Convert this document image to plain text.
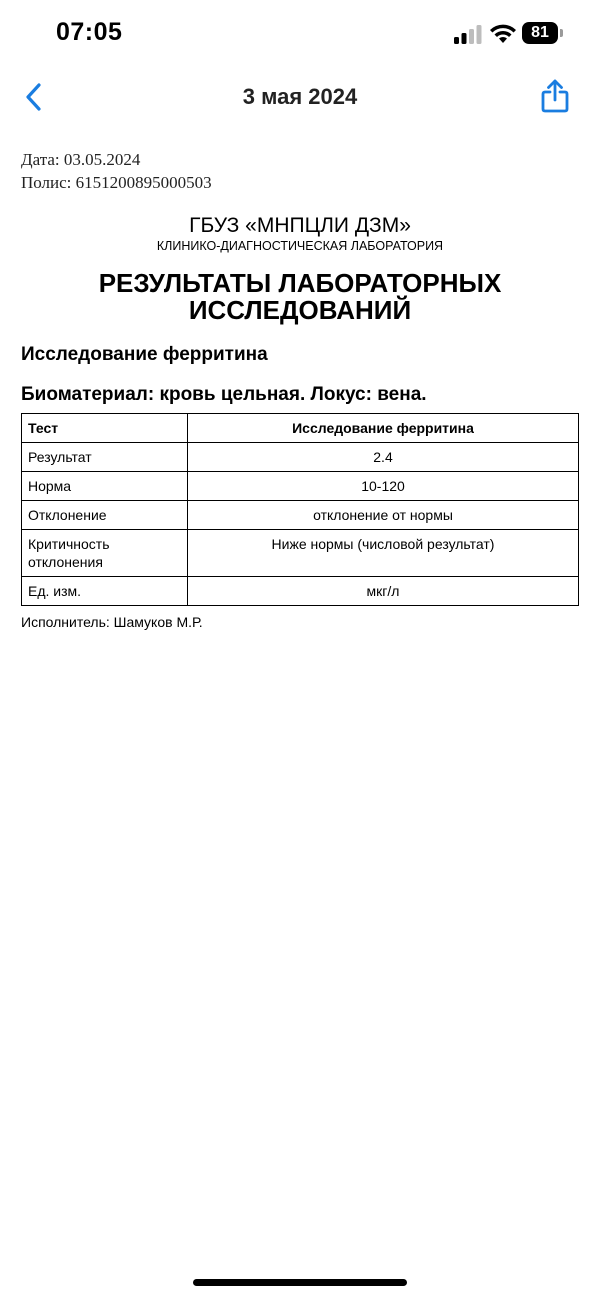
07:05	81
3 мая 2024
Дата: 03.05.2024
Полис: 6151200895000503
ГБУЗ «МНПЦЛИ ДЗМ»
КЛИНИКО-ДИАГНОСТИЧЕСКАЯ ЛАБОРАТОРИЯ
РЕЗУЛЬТАТЫ ЛАБОРАТОРНЫХ ИССЛЕДОВАНИЙ
Исследование ферритина
Биоматериал: кровь цельная. Локус: вена.
Тест	Исследование ферритина
Результат	2.4
Норма	10-120
Отклонение	отклонение от нормы
Критичность отклонения	Ниже нормы (числовой результат)
Ед. изм.	мкг/л
Исполнитель: Шамуков М.Р.
